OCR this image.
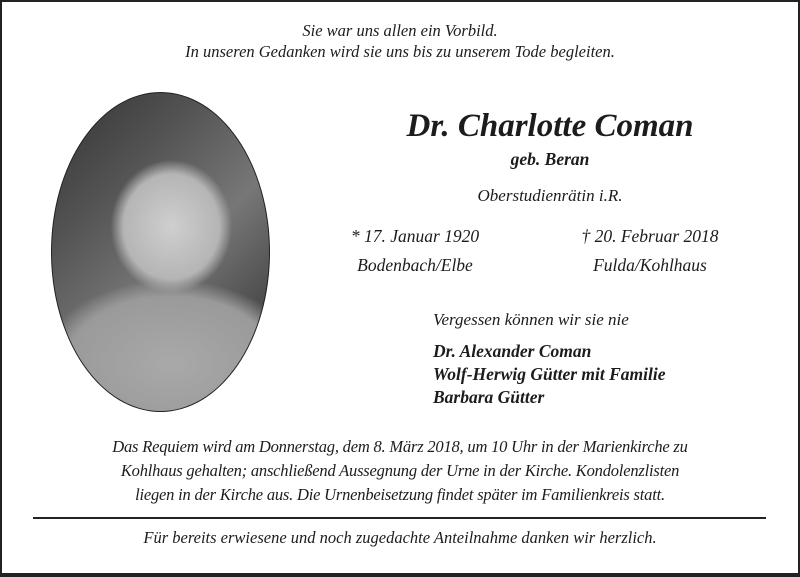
Sie war uns allen ein Vorbild.
In unseren Gedanken wird sie uns bis zu unserem Tode begleiten.
Dr. Charlotte Coman
geb. Beran
Oberstudienrätin i.R.
* 17. Januar 1920
Bodenbach/Elbe
† 20. Februar 2018
Fulda/Kohlhaus
Vergessen können wir sie nie
Dr. Alexander Coman
Wolf-Herwig Gütter mit Familie
Barbara Gütter
Das Requiem wird am Donnerstag, dem 8. März 2018, um 10 Uhr in der Marienkirche zu
Kohlhaus gehalten; anschließend Aussegnung der Urne in der Kirche. Kondolenzlisten
liegen in der Kirche aus. Die Urnenbeisetzung findet später im Familienkreis statt.
Für bereits erwiesene und noch zugedachte Anteilnahme danken wir herzlich.
